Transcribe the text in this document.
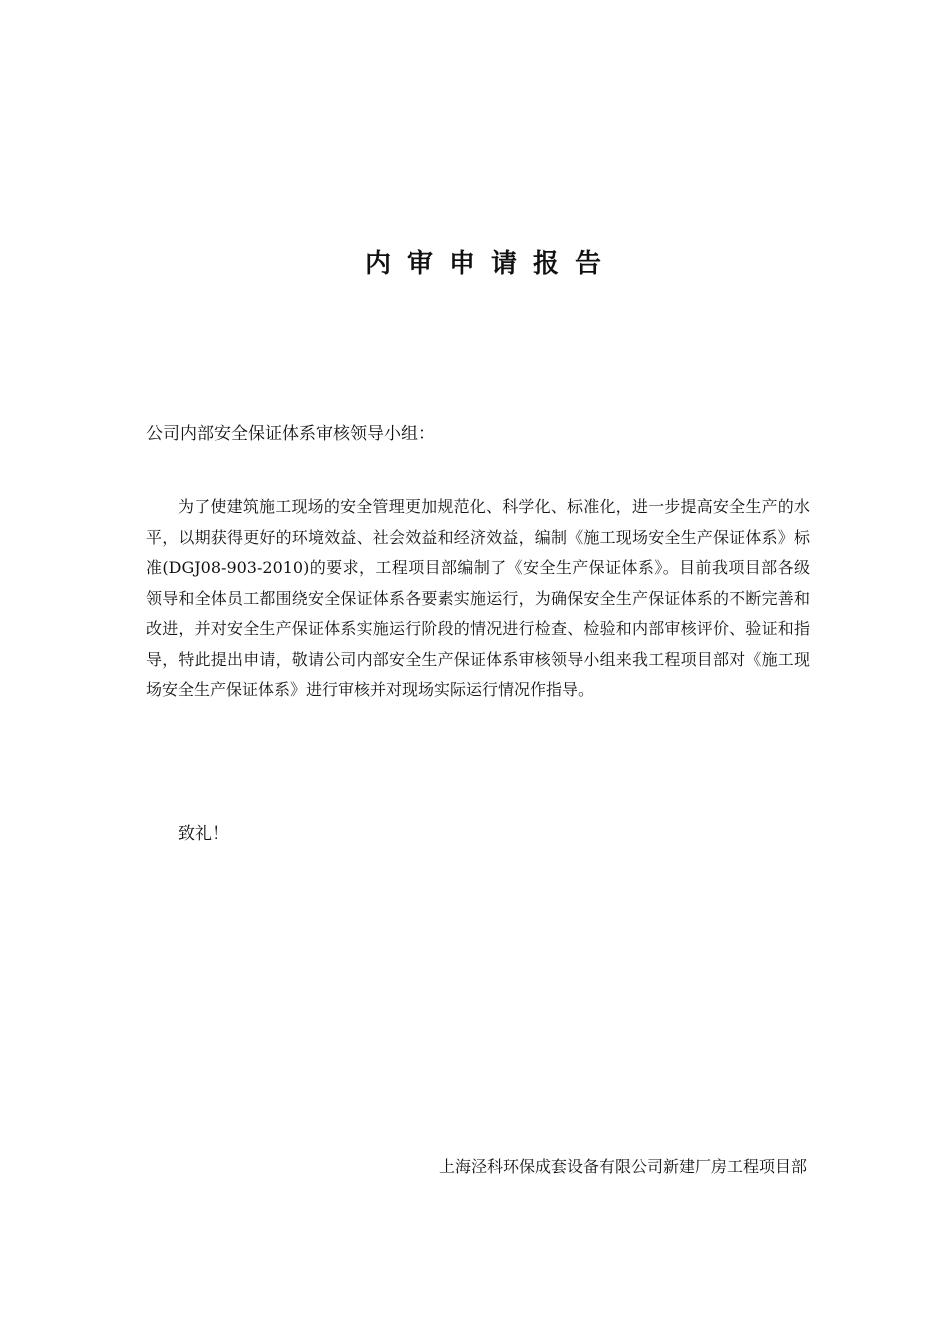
内审申请报告

公司内部安全保证体系审核领导小组：

为了使建筑施工现场的安全管理更加规范化、科学化、标准化，进一步提高安全生产的水平，以期获得更好的环境效益、社会效益和经济效益，编制《施工现场安全生产保证体系》标准(DGJ08-903-2010)的要求，工程项目部编制了《安全生产保证体系》。目前我项目部各级领导和全体员工都围绕安全保证体系各要素实施运行，为确保安全生产保证体系的不断完善和改进，并对安全生产保证体系实施运行阶段的情况进行检查、检验和内部审核评价、验证和指导，特此提出申请，敬请公司内部安全生产保证体系审核领导小组来我工程项目部对《施工现场安全生产保证体系》进行审核并对现场实际运行情况作指导。

致礼！

上海泾科环保成套设备有限公司新建厂房工程项目部
